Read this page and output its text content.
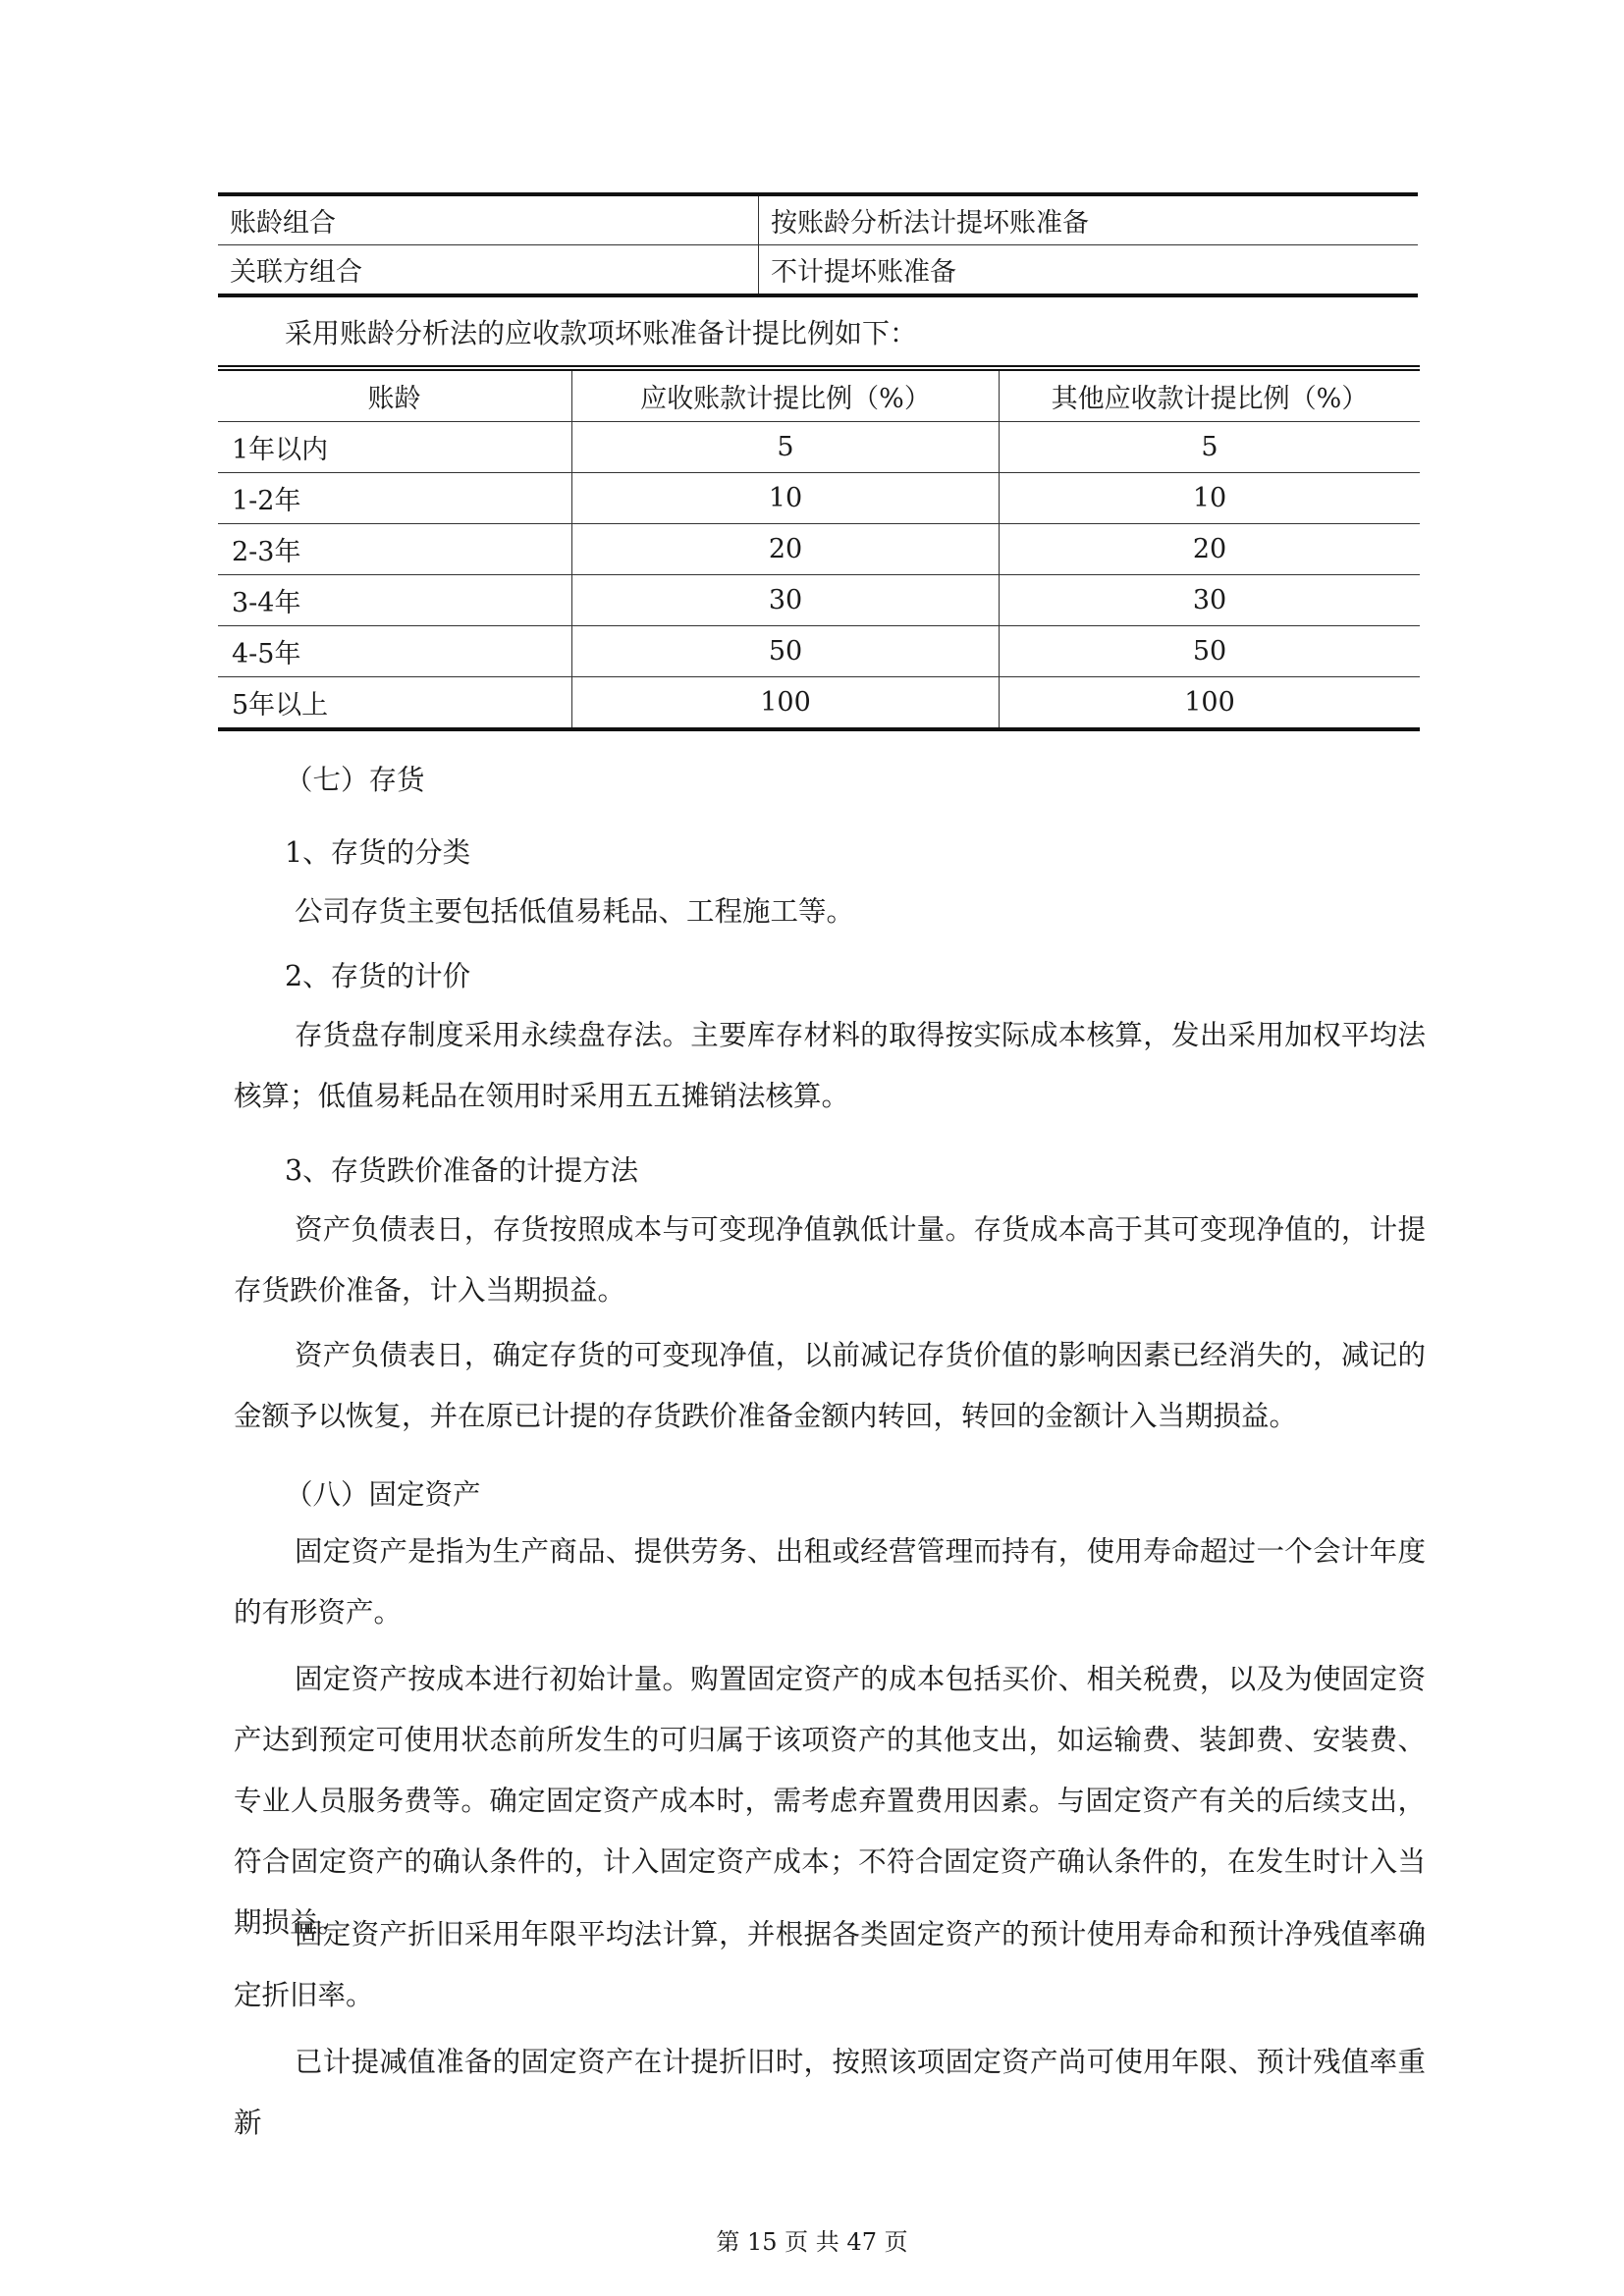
账龄组合	按账龄分析法计提坏账准备
关联方组合	不计提坏账准备
采用账龄分析法的应收款项坏账准备计提比例如下：
账龄	应收账款计提比例（%）	其他应收款计提比例（%）
1年以内	5	5
1-2年	10	10
2-3年	20	20
3-4年	30	30
4-5年	50	50
5年以上	100	100
（七）存货
1、存货的分类
公司存货主要包括低值易耗品、工程施工等。
2、存货的计价
存货盘存制度采用永续盘存法。主要库存材料的取得按实际成本核算，发出采用加权平均法核算；低值易耗品在领用时采用五五摊销法核算。
3、存货跌价准备的计提方法
资产负债表日，存货按照成本与可变现净值孰低计量。存货成本高于其可变现净值的，计提存货跌价准备，计入当期损益。
资产负债表日，确定存货的可变现净值，以前减记存货价值的影响因素已经消失的，减记的金额予以恢复，并在原已计提的存货跌价准备金额内转回，转回的金额计入当期损益。
（八）固定资产
固定资产是指为生产商品、提供劳务、出租或经营管理而持有，使用寿命超过一个会计年度的有形资产。
固定资产按成本进行初始计量。购置固定资产的成本包括买价、相关税费，以及为使固定资产达到预定可使用状态前所发生的可归属于该项资产的其他支出，如运输费、装卸费、安装费、专业人员服务费等。确定固定资产成本时，需考虑弃置费用因素。与固定资产有关的后续支出，符合固定资产的确认条件的，计入固定资产成本；不符合固定资产确认条件的，在发生时计入当期损益。
固定资产折旧采用年限平均法计算，并根据各类固定资产的预计使用寿命和预计净残值率确定折旧率。
已计提减值准备的固定资产在计提折旧时，按照该项固定资产尚可使用年限、预计残值率重新
第 15 页 共 47 页
